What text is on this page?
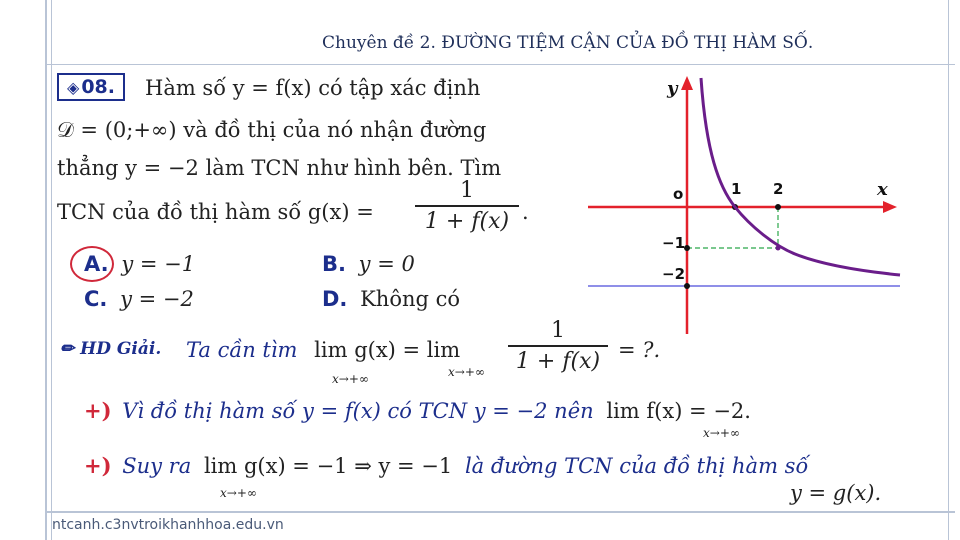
Chuyên đề 2. ĐƯỜNG TIỆM CẬN CỦA ĐỒ THỊ HÀM SỐ.
◈ 08. Hàm số y = f(x) có tập xác định
𝒟 = (0;+∞) và đồ thị của nó nhận đường
thẳng y = −2 làm TCN như hình bên. Tìm
TCN của đồ thị hàm số g(x) =
1
1 + f(x) .
A. y = −1	B. y = 0
C. y = −2	D. Không có
y
x
o	1 2
−1
−2
✏ HD Giải. Ta cần tìm lim g(x) = lim
x→+∞	x→+∞
1
1 + f(x) = ?.
+) Vì đồ thị hàm số y = f(x) có TCN y = −2 nên lim f(x) = −2.
x→+∞
+) Suy ra lim g(x) = −1 ⇒ y = −1 là đường TCN của đồ thị hàm số
x→+∞	y = g(x).
ntcanh.c3nvtroikhanhhoa.edu.vn
